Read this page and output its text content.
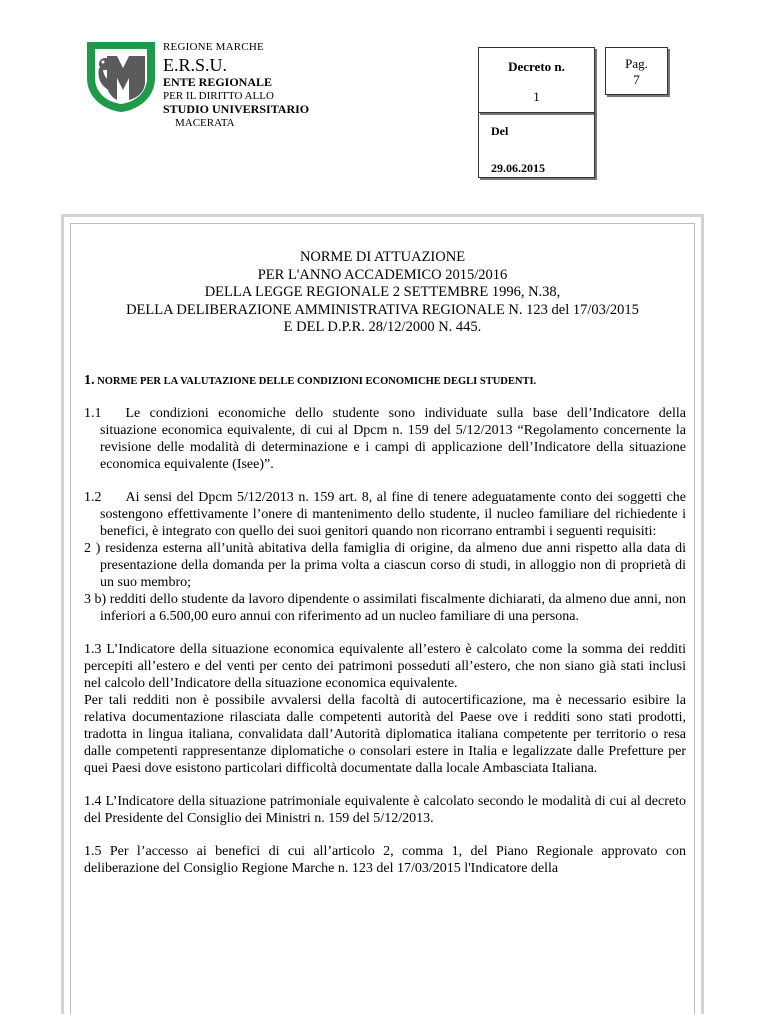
REGIONE MARCHE
E.R.S.U.
ENTE REGIONALE
PER IL DIRITTO ALLO
STUDIO UNIVERSITARIO
MACERATA
Decreto n.
1
Pag.
7
Del
29.06.2015
NORME DI ATTUAZIONE
PER L'ANNO ACCADEMICO 2015/2016
DELLA LEGGE REGIONALE 2 SETTEMBRE 1996, N.38,
DELLA DELIBERAZIONE AMMINISTRATIVA REGIONALE N. 123 del 17/03/2015
E DEL D.P.R. 28/12/2000 N. 445.

1. NORME PER LA VALUTAZIONE DELLE CONDIZIONI ECONOMICHE DEGLI STUDENTI.

1.1 Le condizioni economiche dello studente sono individuate sulla base dell’Indicatore della situazione economica equivalente, di cui al Dpcm n. 159 del 5/12/2013 “Regolamento concernente la revisione delle modalità di determinazione e i campi di applicazione dell’Indicatore della situazione economica equivalente (Isee)”.

1.2 Ai sensi del Dpcm 5/12/2013 n. 159 art. 8, al fine di tenere adeguatamente conto dei soggetti che sostengono effettivamente l’onere di mantenimento dello studente, il nucleo familiare del richiedente i benefici, è integrato con quello dei suoi genitori quando non ricorrano entrambi i seguenti requisiti:

2 ) residenza esterna all’unità abitativa della famiglia di origine, da almeno due anni rispetto alla data di presentazione della domanda per la prima volta a ciascun corso di studi, in alloggio non di proprietà di un suo membro;

3 b) redditi dello studente da lavoro dipendente o assimilati fiscalmente dichiarati, da almeno due anni, non inferiori a 6.500,00 euro annui con riferimento ad un nucleo familiare di una persona.

1.3 L’Indicatore della situazione economica equivalente all’estero è calcolato come la somma dei redditi percepiti all’estero e del venti per cento dei patrimoni posseduti all’estero, che non siano già stati inclusi nel calcolo dell’Indicatore della situazione economica equivalente.

Per tali redditi non è possibile avvalersi della facoltà di autocertificazione, ma è necessario esibire la relativa documentazione rilasciata dalle competenti autorità del Paese ove i redditi sono stati prodotti, tradotta in lingua italiana, convalidata dall’Autorità diplomatica italiana competente per territorio o resa dalle competenti rappresentanze diplomatiche o consolari estere in Italia e legalizzate dalle Prefetture per quei Paesi dove esistono particolari difficoltà documentate dalla locale Ambasciata Italiana.

1.4 L’Indicatore della situazione patrimoniale equivalente è calcolato secondo le modalità di cui al decreto del Presidente del Consiglio dei Ministri n. 159 del 5/12/2013.

1.5 Per l’accesso ai benefici di cui all’articolo 2, comma 1, del Piano Regionale approvato con deliberazione del Consiglio Regione Marche n. 123 del 17/03/2015 l'Indicatore della
